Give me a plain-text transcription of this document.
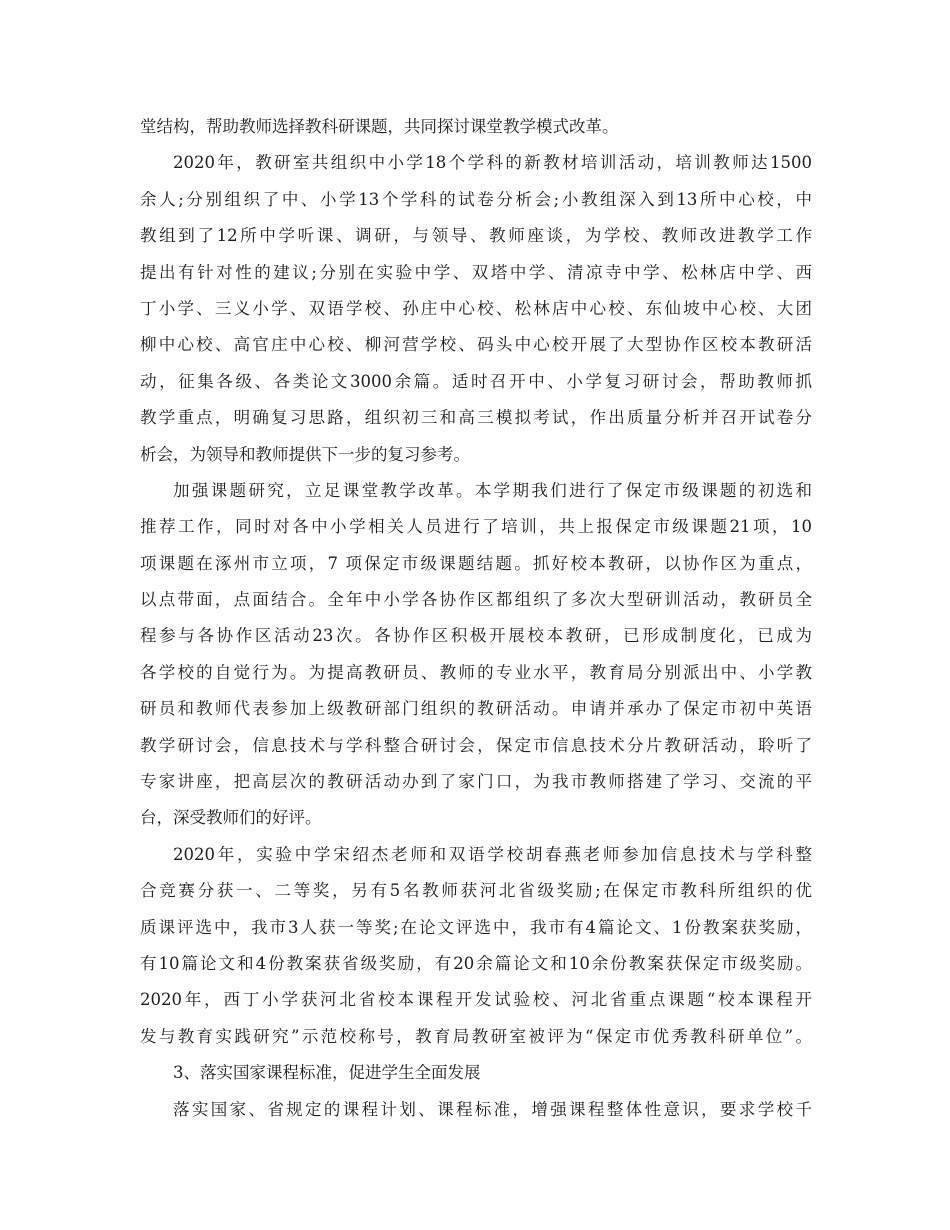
堂结构，帮助教师选择教科研课题，共同探讨课堂教学模式改革。
2020年，教研室共组织中小学18个学科的新教材培训活动，培训教师达1500
余人;分别组织了中、小学13个学科的试卷分析会;小教组深入到13所中心校，中
教组到了12所中学听课、调研，与领导、教师座谈，为学校、教师改进教学工作
提出有针对性的建议;分别在实验中学、双塔中学、清凉寺中学、松林店中学、西
丁小学、三义小学、双语学校、孙庄中心校、松林店中心校、东仙坡中心校、大团
柳中心校、高官庄中心校、柳河营学校、码头中心校开展了大型协作区校本教研活
动，征集各级、各类论文3000余篇。适时召开中、小学复习研讨会，帮助教师抓
教学重点，明确复习思路，组织初三和高三模拟考试，作出质量分析并召开试卷分
析会，为领导和教师提供下一步的复习参考。
加强课题研究，立足课堂教学改革。本学期我们进行了保定市级课题的初选和
推荐工作，同时对各中小学相关人员进行了培训，共上报保定市级课题21项，10
项课题在涿州市立项，7 项保定市级课题结题。抓好校本教研，以协作区为重点，
以点带面，点面结合。全年中小学各协作区都组织了多次大型研训活动，教研员全
程参与各协作区活动23次。各协作区积极开展校本教研，已形成制度化，已成为
各学校的自觉行为。为提高教研员、教师的专业水平，教育局分别派出中、小学教
研员和教师代表参加上级教研部门组织的教研活动。申请并承办了保定市初中英语
教学研讨会，信息技术与学科整合研讨会，保定市信息技术分片教研活动，聆听了
专家讲座，把高层次的教研活动办到了家门口，为我市教师搭建了学习、交流的平
台，深受教师们的好评。
2020年，实验中学宋绍杰老师和双语学校胡春燕老师参加信息技术与学科整
合竞赛分获一、二等奖，另有5名教师获河北省级奖励;在保定市教科所组织的优
质课评选中，我市3人获一等奖;在论文评选中，我市有4篇论文、1份教案获奖励，
有10篇论文和4份教案获省级奖励，有20余篇论文和10余份教案获保定市级奖励。
2020年，西丁小学获河北省校本课程开发试验校、河北省重点课题“校本课程开
发与教育实践研究”示范校称号，教育局教研室被评为“保定市优秀教科研单位”。
3、落实国家课程标准，促进学生全面发展
落实国家、省规定的课程计划、课程标准，增强课程整体性意识，要求学校千
